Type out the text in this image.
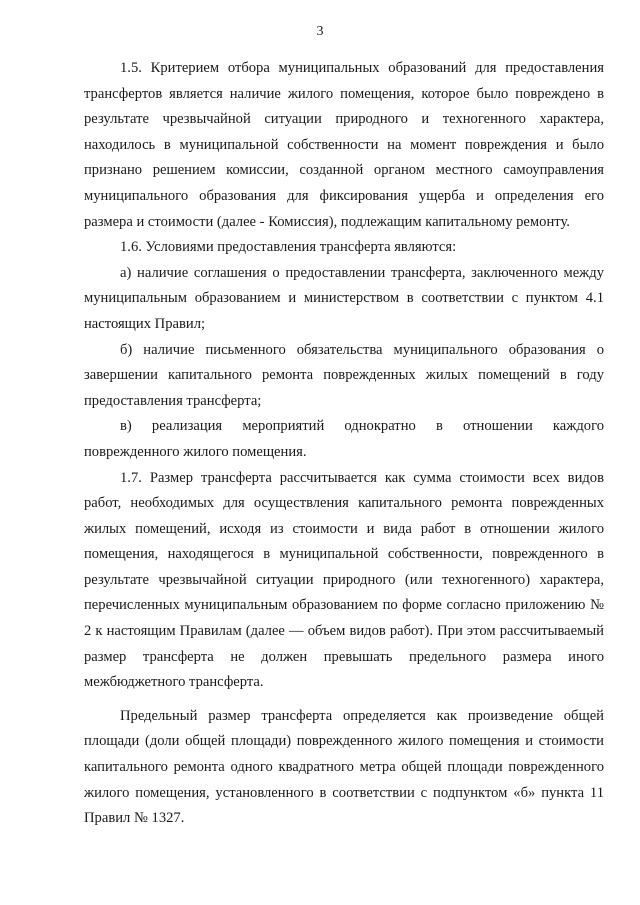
3

1.5. Критерием отбора муниципальных образований для предоставления трансфертов является наличие жилого помещения, которое было повреждено в результате чрезвычайной ситуации природного и техногенного характера, находилось в муниципальной собственности на момент повреждения и было признано решением комиссии, созданной органом местного самоуправления муниципального образования для фиксирования ущерба и определения его размера и стоимости (далее - Комиссия), подлежащим капитальному ремонту.

1.6. Условиями предоставления трансферта являются:

а) наличие соглашения о предоставлении трансферта, заключенного между муниципальным образованием и министерством в соответствии с пунктом 4.1 настоящих Правил;

б) наличие письменного обязательства муниципального образования о завершении капитального ремонта поврежденных жилых помещений в году предоставления трансферта;

в) реализация мероприятий однократно в отношении каждого поврежденного жилого помещения.

1.7. Размер трансферта рассчитывается как сумма стоимости всех видов работ, необходимых для осуществления капитального ремонта поврежденных жилых помещений, исходя из стоимости и вида работ в отношении жилого помещения, находящегося в муниципальной собственности, поврежденного в результате чрезвычайной ситуации природного (или техногенного) характера, перечисленных муниципальным образованием по форме согласно приложению № 2 к настоящим Правилам (далее — объем видов работ). При этом рассчитываемый размер трансферта не должен превышать предельного размера иного межбюджетного трансферта.

Предельный размер трансферта определяется как произведение общей площади (доли общей площади) поврежденного жилого помещения и стоимости капитального ремонта одного квадратного метра общей площади поврежденного жилого помещения, установленного в соответствии с подпунктом «б» пункта 11 Правил № 1327.
